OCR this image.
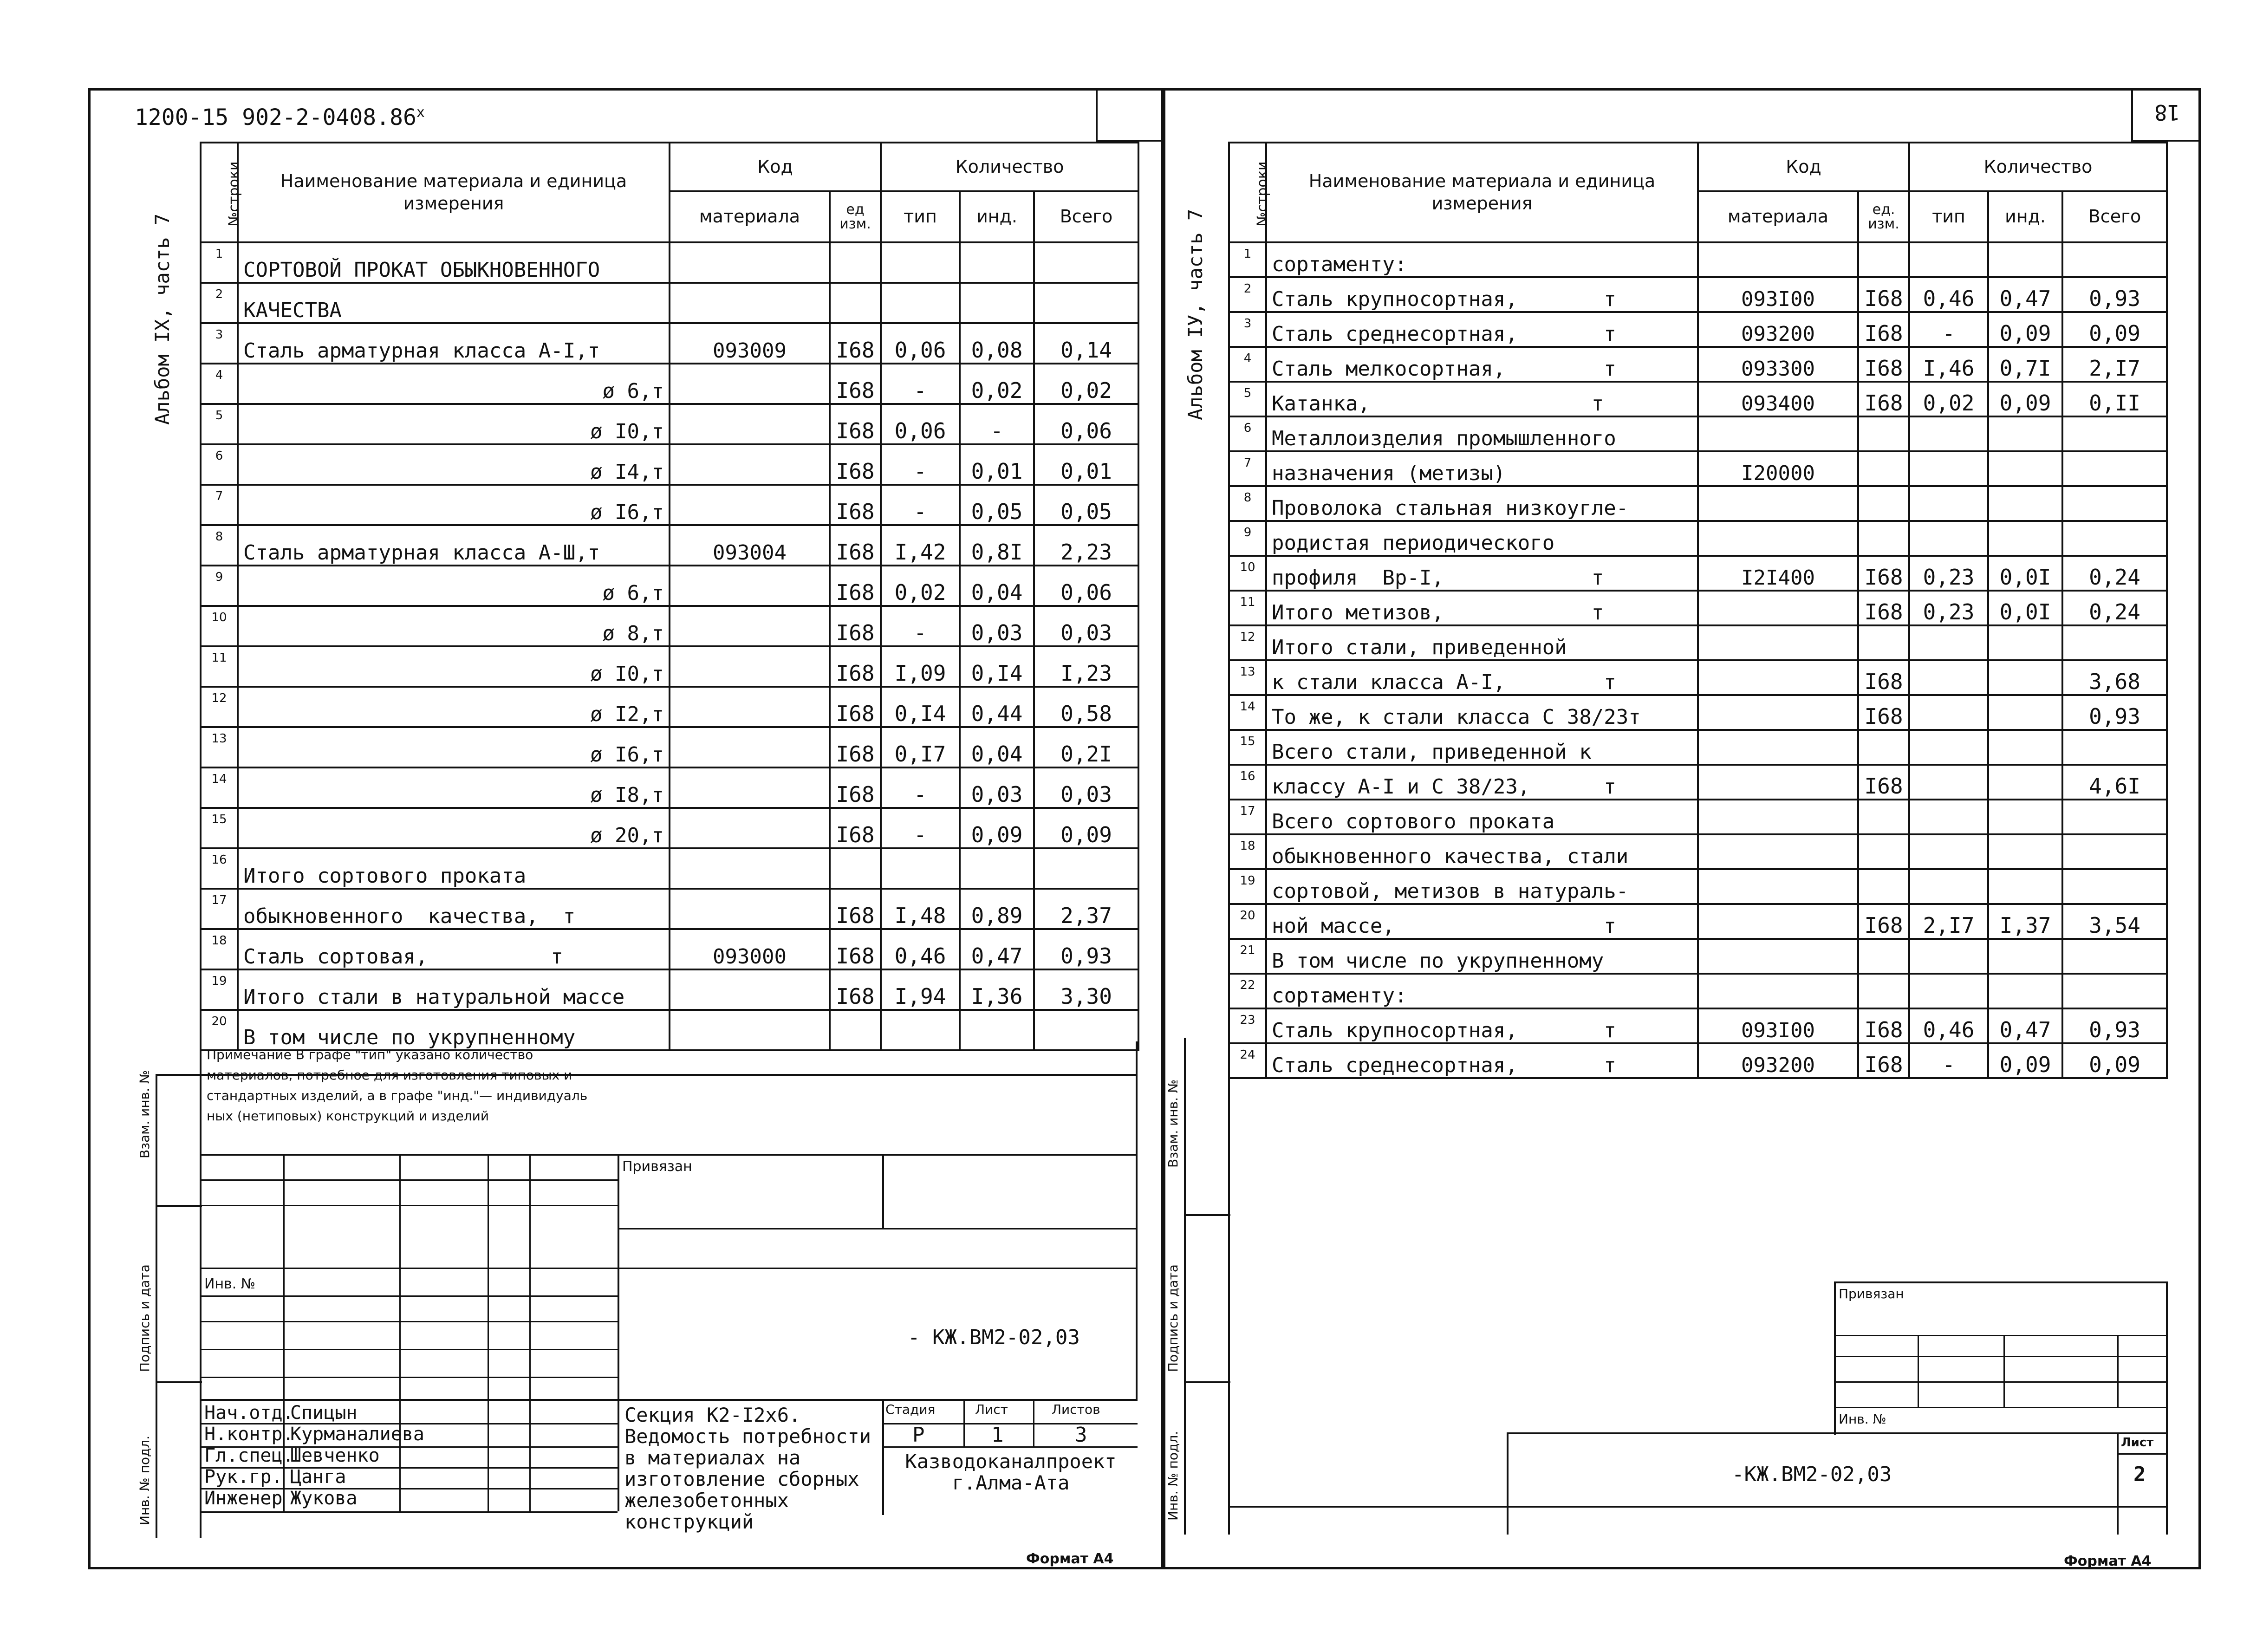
1200-15 902-2-0408.86$^x$
Альбом IX, часть 7
№строки	Наименование материала и единица измерения	Код		Количество		
		материала	ед изм.	тип	инд.	Всего
1	СОРТОВОЙ ПРОКАТ ОБЫКНОВЕННОГО					
2	КАЧЕСТВА					
3	Сталь арматурная класса А-I,т	093009	I68	0,06	0,08	0,14
4	ø 6,т		I68	-	0,02	0,02
5	ø I0,т		I68	0,06	-	0,06
6	ø I4,т		I68	-	0,01	0,01
7	ø I6,т		I68	-	0,05	0,05
8	Сталь арматурная класса А-Ш,т	093004	I68	I,42	0,8I	2,23
9	ø 6,т		I68	0,02	0,04	0,06
10	ø 8,т		I68	-	0,03	0,03
11	ø I0,т		I68	I,09	0,I4	I,23
12	ø I2,т		I68	0,I4	0,44	0,58
13	ø I6,т		I68	0,I7	0,04	0,2I
14	ø I8,т		I68	-	0,03	0,03
15	ø 20,т		I68	-	0,09	0,09
16	Итого сортового проката					
17	обыкновенного  качества,  т		I68	I,48	0,89	2,37
18	Сталь сортовая,          т	093000	I68	0,46	0,47	0,93
19	Итого стали в натуральной массе		I68	I,94	I,36	3,30
20	В том числе по укрупненному					
Примечание В графе "тип" указано количество
материалов, потребное для изготовления типовых и
стандартных изделий, а в графе "инд."— индивидуаль
ных (нетиповых) конструкций и изделий
Взам. инв. №
Подпись и дата
Инв. № подл.
Привязан
Инв. №
- КЖ.ВМ2-02,03
Нач.отд.
Спицын
Н.контр.
Курманалиева
Гл.спец.
Шевченко
Рук.гр. Цанга
Инженер Жукова
Секция К2-I2х6. Ведомость потребности в материалах на изготовление сборных железобетонных конструкций
Стадия	Лист	Листов
Р	1	3
Казводоканалпроект г.Алма-Ата
Формат А4
18
Альбом IУ, часть 7
№строки	Наименование материала и единица измерения	Код		Количество		
		материала	ед. изм.	тип	инд.	Всего
1	сортаменту:					
2	Сталь крупносортная,       т	093I00	I68	0,46	0,47	0,93
3	Сталь среднесортная,       т	093200	I68	-	0,09	0,09
4	Сталь мелкосортная,        т	093300	I68	I,46	0,7I	2,I7
5	Катанка,                  т	093400	I68	0,02	0,09	0,II
6	Металлоизделия промышленного					
7	назначения (метизы)	I20000				
8	Проволока стальная низкоугле-					
9	родистая периодического					
10	профиля  Вр-I,            т	I2I400	I68	0,23	0,0I	0,24
11	Итого метизов,            т		I68	0,23	0,0I	0,24
12	Итого стали, приведенной					
13	к стали класса А-I,        т		I68			3,68
14	То же, к стали класса С 38/23т		I68			0,93
15	Всего стали, приведенной к					
16	классу А-I и С 38/23,      т		I68			4,6I
17	Всего сортового проката					
18	обыкновенного качества, стали					
19	сортовой, метизов в натураль-					
20	ной массе,                 т		I68	2,I7	I,37	3,54
21	В том числе по укрупненному					
22	сортаменту:					
23	Сталь крупносортная,       т	093I00	I68	0,46	0,47	0,93
24	Сталь среднесортная,       т	093200	I68	-	0,09	0,09
Взам. инв. №
Подпись и дата
Инв. № подл.
Привязан
Инв. №
-КЖ.ВМ2-02,03
Лист
2
Формат А4
